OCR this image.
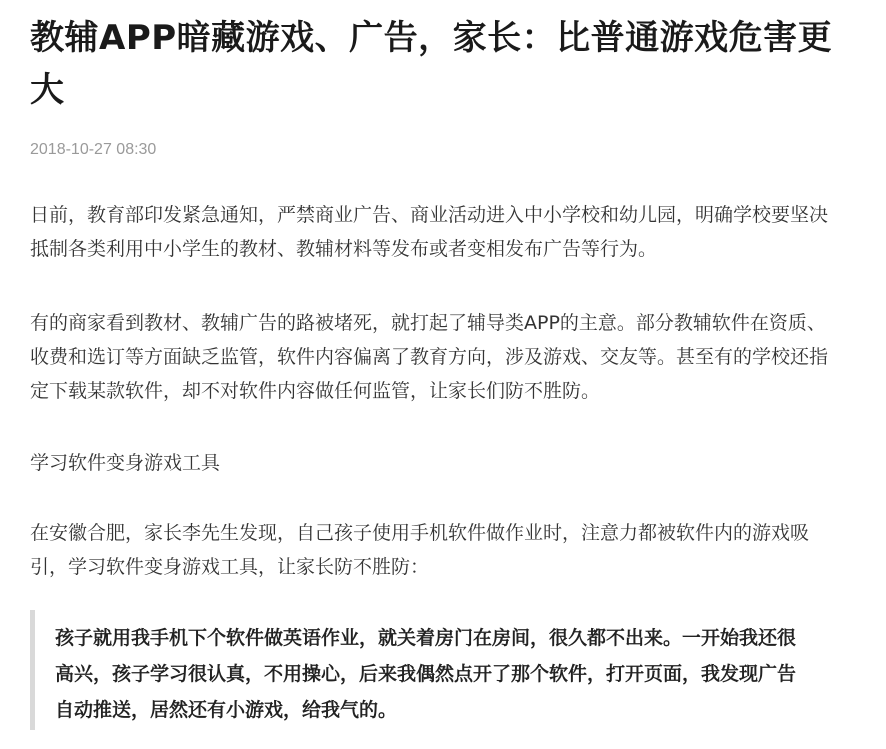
教辅APP暗藏游戏、广告，家长：比普通游戏危害更大
2018-10-27 08:30

日前，教育部印发紧急通知，严禁商业广告、商业活动进入中小学校和幼儿园，明确学校要坚决抵制各类利用中小学生的教材、教辅材料等发布或者变相发布广告等行为。

有的商家看到教材、教辅广告的路被堵死，就打起了辅导类APP的主意。部分教辅软件在资质、收费和选订等方面缺乏监管，软件内容偏离了教育方向，涉及游戏、交友等。甚至有的学校还指定下载某款软件，却不对软件内容做任何监管，让家长们防不胜防。

学习软件变身游戏工具

在安徽合肥，家长李先生发现，自己孩子使用手机软件做作业时，注意力都被软件内的游戏吸引，学习软件变身游戏工具，让家长防不胜防：

孩子就用我手机下个软件做英语作业，就关着房门在房间，很久都不出来。一开始我还很高兴，孩子学习很认真，不用操心，后来我偶然点开了那个软件，打开页面，我发现广告自动推送，居然还有小游戏，给我气的。
